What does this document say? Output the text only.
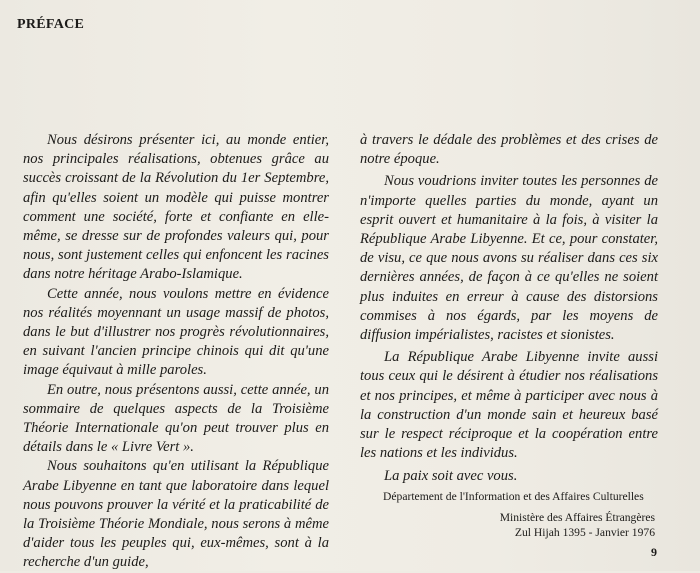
PRÉFACE

Nous désirons présenter ici, au monde entier, nos principales réalisations, obtenues grâce au succès croissant de la Révolution du 1er Septembre, afin qu'elles soient un modèle qui puisse montrer comment une société, forte et confiante en elle-même, se dresse sur de profondes valeurs qui, pour nous, sont justement celles qui enfoncent les racines dans notre héritage Arabo-Islamique.

Cette année, nous voulons mettre en évidence nos réalités moyennant un usage massif de photos, dans le but d'illustrer nos progrès révolutionnaires, en suivant l'ancien principe chinois qui dit qu'une image équivaut à mille paroles.

En outre, nous présentons aussi, cette année, un sommaire de quelques aspects de la Troisième Théorie Internationale qu'on peut trouver plus en détails dans le « Livre Vert ».

Nous souhaitons qu'en utilisant la République Arabe Libyenne en tant que laboratoire dans lequel nous pouvons prouver la vérité et la praticabilité de la Troisième Théorie Mondiale, nous serons à même d'aider tous les peuples qui, eux-mêmes, sont à la recherche d'un guide,

à travers le dédale des problèmes et des crises de notre époque.

Nous voudrions inviter toutes les personnes de n'importe quelles parties du monde, ayant un esprit ouvert et humanitaire à la fois, à visiter la République Arabe Libyenne. Et ce, pour constater, de visu, ce que nous avons su réaliser dans ces six dernières années, de façon à ce qu'elles ne soient plus induites en erreur à cause des distorsions commises à nos égards, par les moyens de diffusion impérialistes, racistes et sionistes.

La République Arabe Libyenne invite aussi tous ceux qui le désirent à étudier nos réalisations et nos principes, et même à participer avec nous à la construction d'un monde sain et heureux basé sur le respect réciproque et la coopération entre les nations et les individus.

La paix soit avec vous.

Département de l'Information et des Affaires Culturelles
Ministère des Affaires Étrangères
Zul Hijah 1395 - Janvier 1976
9
